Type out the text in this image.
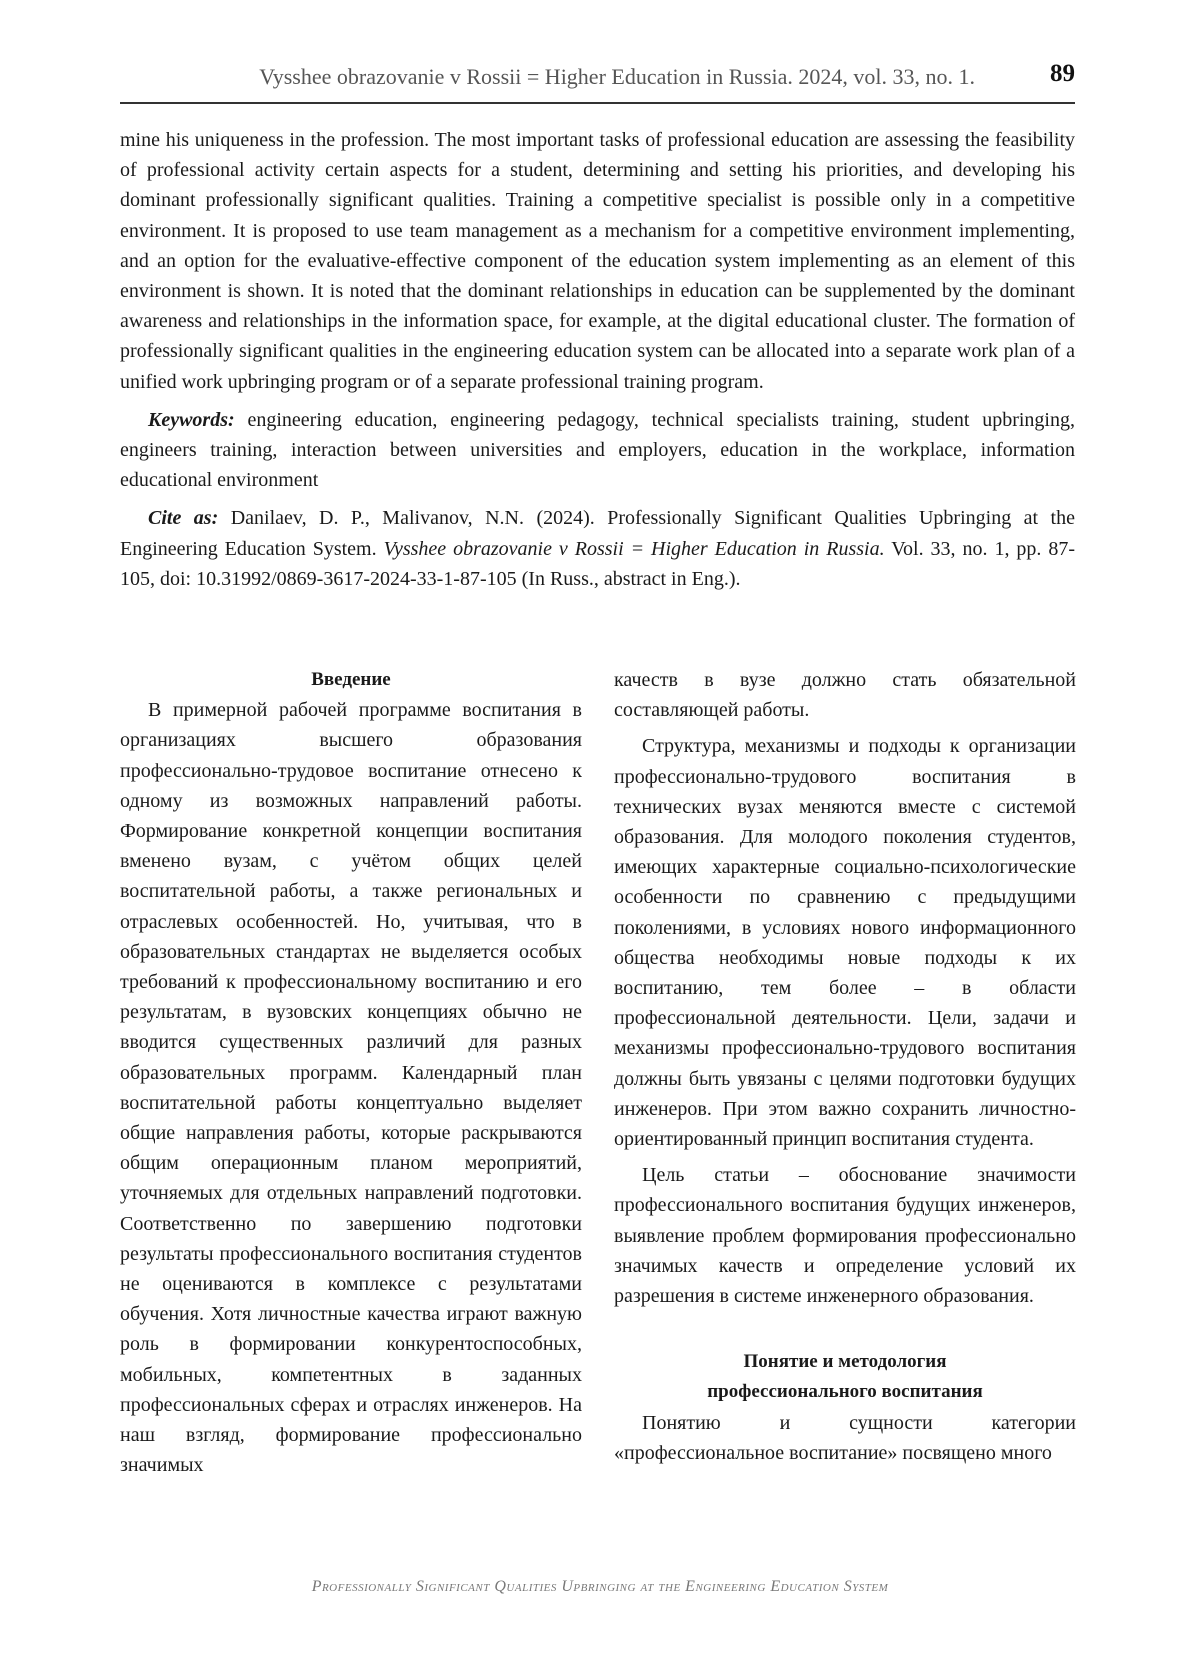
Vysshee obrazovanie v Rossii = Higher Education in Russia. 2024, vol. 33, no. 1.	89

mine his uniqueness in the profession. The most important tasks of professional education are assessing the feasibility of professional activity certain aspects for a student, determining and setting his priorities, and developing his dominant professionally significant qualities. Training a competitive specialist is possible only in a competitive environment. It is proposed to use team management as a mechanism for a competitive environment implementing, and an option for the evaluative-effective component of the education system implementing as an element of this environment is shown. It is noted that the dominant relationships in education can be supplemented by the dominant awareness and relationships in the information space, for example, at the digital educational cluster. The formation of professionally significant qualities in the engineering education system can be allocated into a separate work plan of a unified work upbringing program or of a separate professional training program.

Keywords: engineering education, engineering pedagogy, technical specialists training, student upbringing, engineers training, interaction between universities and employers, education in the workplace, information educational environment

Cite as: Danilaev, D. P., Malivanov, N.N. (2024). Professionally Significant Qualities Upbringing at the Engineering Education System. Vysshee obrazovanie v Rossii = Higher Education in Russia. Vol. 33, no. 1, pp. 87-105, doi: 10.31992/0869-3617-2024-33-1-87-105 (In Russ., abstract in Eng.).

Введение

В примерной рабочей программе воспитания в организациях высшего образования профессионально-трудовое воспитание отнесено к одному из возможных направлений работы. Формирование конкретной концепции воспитания вменено вузам, с учётом общих целей воспитательной работы, а также региональных и отраслевых особенностей. Но, учитывая, что в образовательных стандартах не выделяется особых требований к профессиональному воспитанию и его результатам, в вузовских концепциях обычно не вводится существенных различий для разных образовательных программ. Календарный план воспитательной работы концептуально выделяет общие направления работы, которые раскрываются общим операционным планом мероприятий, уточняемых для отдельных направлений подготовки. Соответственно по завершению подготовки результаты профессионального воспитания студентов не оцениваются в комплексе с результатами обучения. Хотя личностные качества играют важную роль в формировании конкурентоспособных, мобильных, компетентных в заданных профессиональных сферах и отраслях инженеров. На наш взгляд, формирование профессионально значимых

качеств в вузе должно стать обязательной составляющей работы.

Структура, механизмы и подходы к организации профессионально-трудового воспитания в технических вузах меняются вместе с системой образования. Для молодого поколения студентов, имеющих характерные социально-психологические особенности по сравнению с предыдущими поколениями, в условиях нового информационного общества необходимы новые подходы к их воспитанию, тем более – в области профессиональной деятельности. Цели, задачи и механизмы профессионально-трудового воспитания должны быть увязаны с целями подготовки будущих инженеров. При этом важно сохранить личностно-ориентированный принцип воспитания студента.

Цель статьи – обоснование значимости профессионального воспитания будущих инженеров, выявление проблем формирования профессионально значимых качеств и определение условий их разрешения в системе инженерного образования.

Понятие и методология
профессионального воспитания

Понятию и сущности категории «профессиональное воспитание» посвящено много

Professionally Significant Qualities Upbringing at the Engineering Education System
